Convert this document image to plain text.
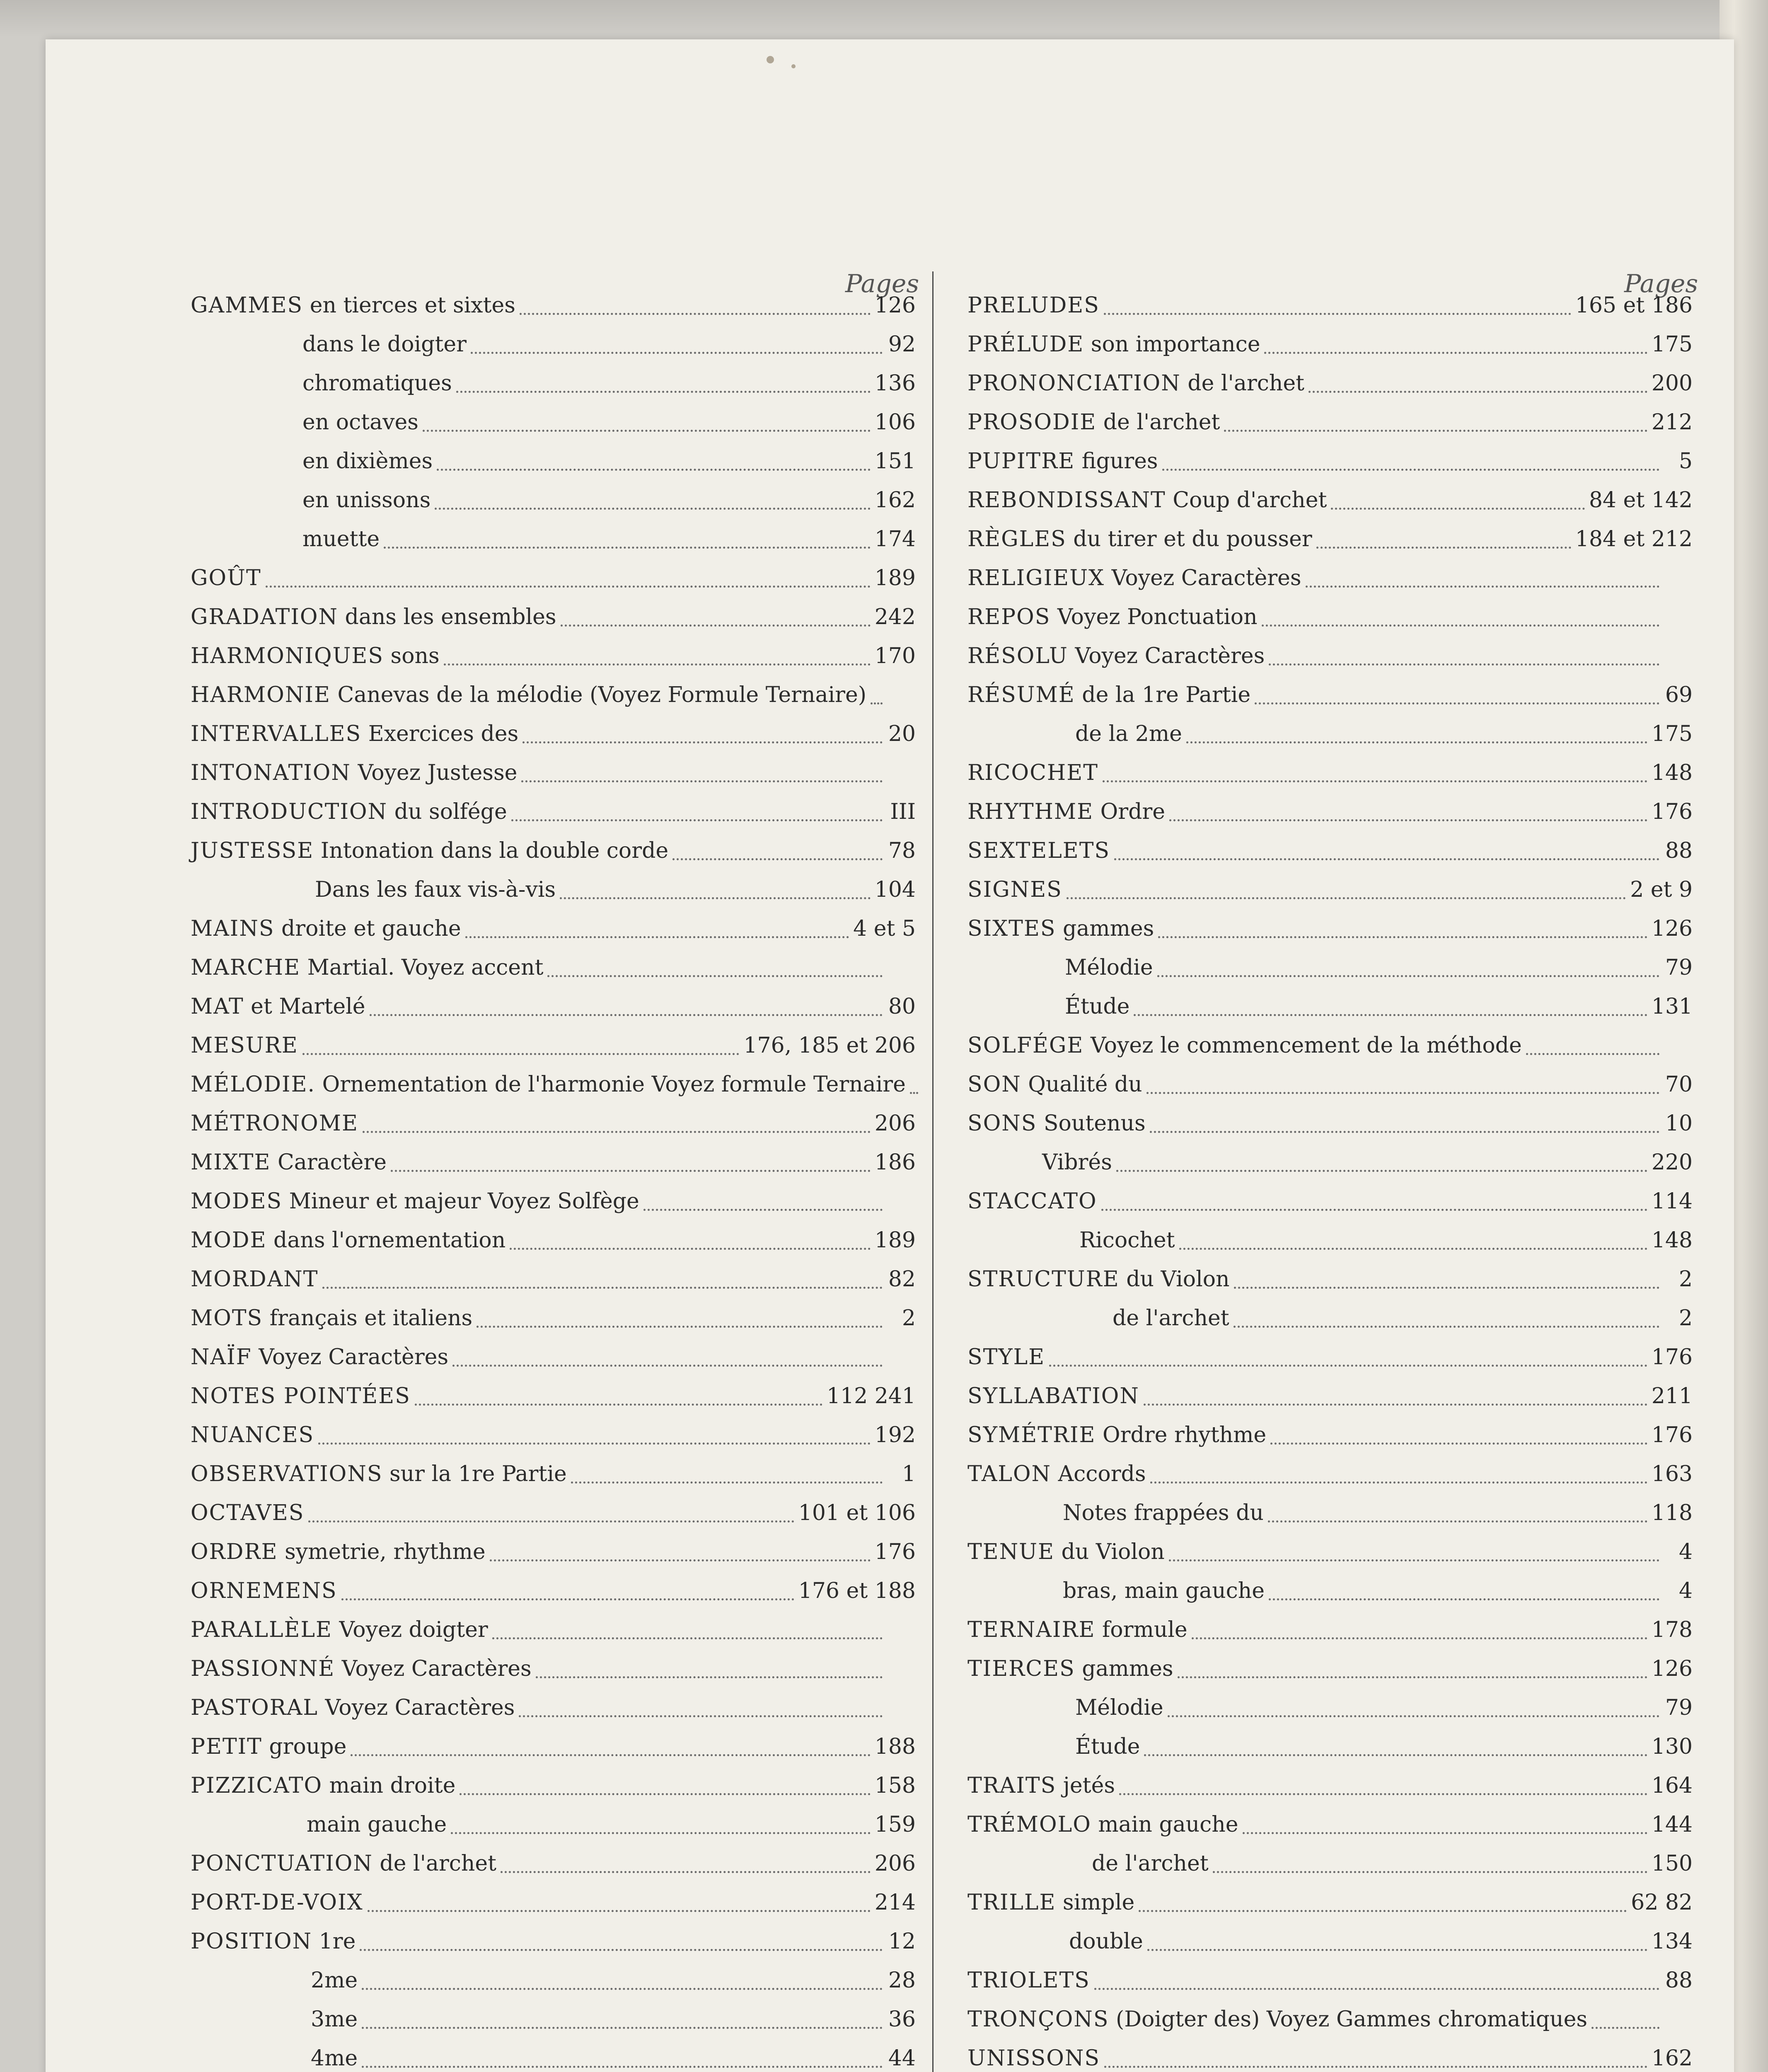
Pages	Pages
GAMMES en tierces et sixtes	126
dans le doigter	92
chromatiques	136
en octaves	106
en dixièmes	151
en unissons	162
muette	174
GOÛT	189
GRADATION dans les ensembles	242
HARMONIQUES sons	170
HARMONIE Canevas de la mélodie (Voyez Formule Ternaire)
INTERVALLES Exercices des	20
INTONATION Voyez Justesse
INTRODUCTION du solfége	III
JUSTESSE Intonation dans la double corde	78
Dans les faux vis-à-vis	104
MAINS droite et gauche	4 et 5
MARCHE Martial. Voyez accent
MAT et Martelé	80
MESURE	176, 185 et 206
MÉLODIE. Ornementation de l'harmonie Voyez formule Ternaire
MÉTRONOME	206
MIXTE Caractère	186
MODES Mineur et majeur Voyez Solfège
MODE dans l'ornementation	189
MORDANT	82
MOTS français et italiens	2
NAÏF Voyez Caractères
NOTES POINTÉES	112 241
NUANCES	192
OBSERVATIONS sur la 1re Partie	1
OCTAVES	101 et 106
ORDRE symetrie, rhythme	176
ORNEMENS	176 et 188
PARALLÈLE Voyez doigter
PASSIONNÉ Voyez Caractères
PASTORAL Voyez Caractères
PETIT groupe	188
PIZZICATO main droite	158
main gauche	159
PONCTUATION de l'archet	206
PORT-DE-VOIX	214
POSITION 1re	12
2me	28
3me	36
4me	44
PRELUDES	165 et 186
PRÉLUDE son importance	175
PRONONCIATION de l'archet	200
PROSODIE de l'archet	212
PUPITRE figures	5
REBONDISSANT Coup d'archet	84 et 142
RÈGLES du tirer et du pousser	184 et 212
RELIGIEUX Voyez Caractères
REPOS Voyez Ponctuation
RÉSOLU Voyez Caractères
RÉSUMÉ de la 1re Partie	69
de la 2me	175
RICOCHET	148
RHYTHME Ordre	176
SEXTELETS	88
SIGNES	2 et 9
SIXTES gammes	126
Mélodie	79
Étude	131
SOLFÉGE Voyez le commencement de la méthode
SON Qualité du	70
SONS Soutenus	10
Vibrés	220
STACCATO	114
Ricochet	148
STRUCTURE du Violon	2
de l'archet	2
STYLE	176
SYLLABATION	211
SYMÉTRIE Ordre rhythme	176
TALON Accords	163
Notes frappées du	118
TENUE du Violon	4
bras, main gauche	4
TERNAIRE formule	178
TIERCES gammes	126
Mélodie	79
Étude	130
TRAITS jetés	164
TRÉMOLO main gauche	144
de l'archet	150
TRILLE simple	62 82
double	134
TRIOLETS	88
TRONÇONS (Doigter des) Voyez Gammes chromatiques
UNISSONS	162
